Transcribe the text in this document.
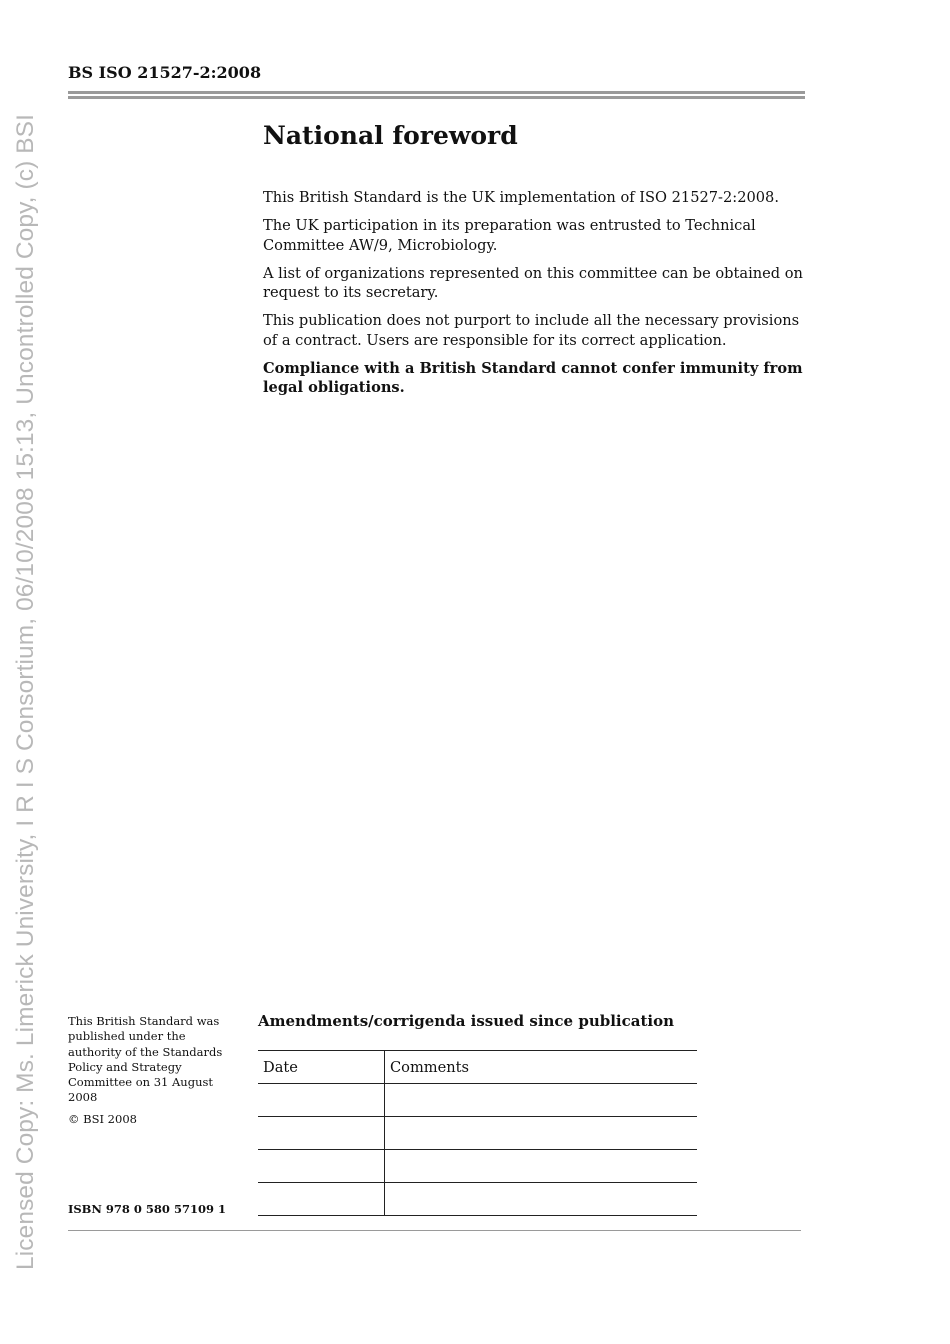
Licensed Copy: Ms. Limerick University, I R I S Consortium, 06/10/2008 15:13, Uncontrolled Copy, (c) BSI

BS ISO 21527-2:2008

National foreword

This British Standard is the UK implementation of ISO 21527-2:2008.

The UK participation in its preparation was entrusted to Technical Committee AW/9, Microbiology.

A list of organizations represented on this committee can be obtained on request to its secretary.

This publication does not purport to include all the necessary provisions of a contract. Users are responsible for its correct application.

Compliance with a British Standard cannot confer immunity from legal obligations.

This British Standard was published under the authority of the Standards Policy and Strategy Committee on 31 August 2008

© BSI 2008

ISBN 978 0 580 57109 1

Amendments/corrigenda issued since publication

Date	Comments
